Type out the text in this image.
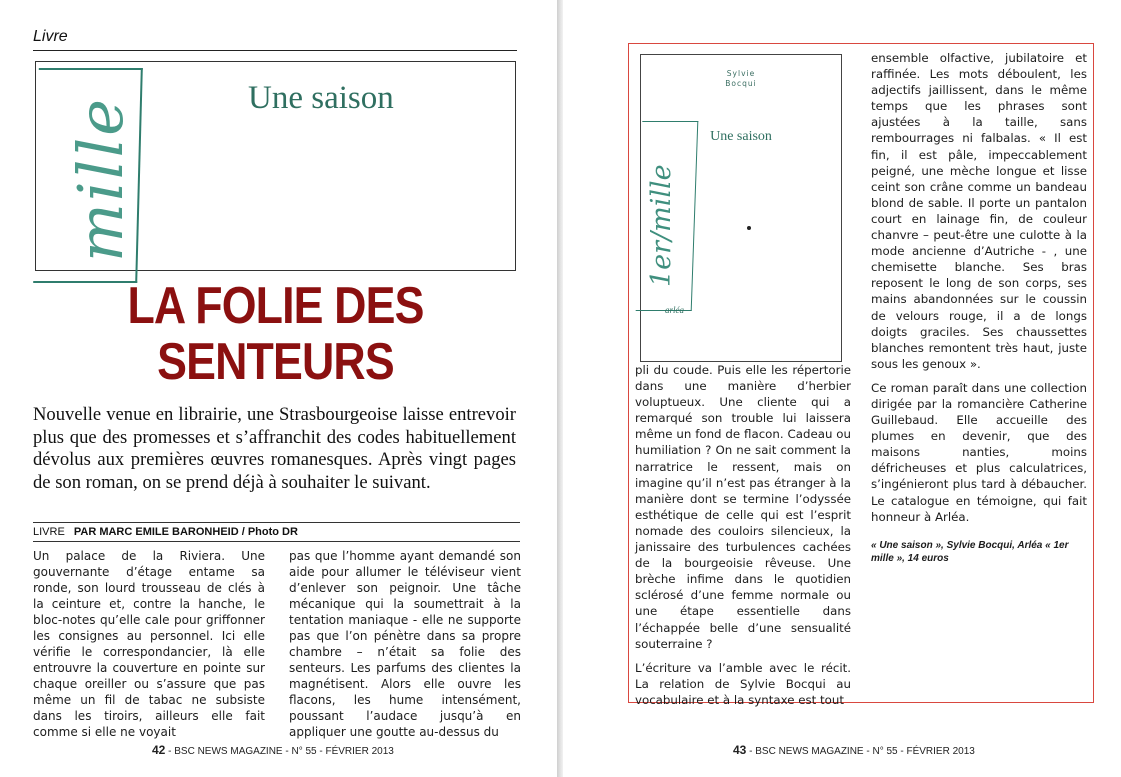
Livre
mille	Une saison
LA FOLIE DES
SENTEURS
Nouvelle venue en librairie, une Strasbourgeoise laisse entrevoir plus que des promesses et s’affranchit des codes habituellement dévolus aux premières œuvres romanesques. Après vingt pages de son roman, on se prend déjà à souhaiter le suivant.
LIVRE PAR MARC EMILE BARONHEID / Photo DR
Un palace de la Riviera. Une gouvernante d’étage entame sa ronde, son lourd trousseau de clés à la ceinture et, contre la hanche, le bloc-notes qu’elle cale pour griffonner les consignes au personnel. Ici elle vérifie le correspondancier, là elle entrouvre la couverture en pointe sur chaque oreiller ou s’assure que pas même un fil de tabac ne subsiste dans les tiroirs, ailleurs elle fait comme si elle ne voyait
pas que l’homme ayant demandé son aide pour allumer le téléviseur vient d’enlever son peignoir. Une tâche mécanique qui la soumettrait à la tentation maniaque - elle ne supporte pas que l’on pénètre dans sa propre chambre – n’était sa folie des senteurs. Les parfums des clientes la magnétisent. Alors elle ouvre les flacons, les hume intensément, poussant l’audace jusqu’à en appliquer une goutte au-dessus du
42 - BSC NEWS MAGAZINE - N° 55 - FÉVRIER 2013
Sylvie
Bocqui
Une saison
1er/mille
arléa

pli du coude. Puis elle les répertorie dans une manière d’herbier voluptueux. Une cliente qui a remarqué son trouble lui laissera même un fond de flacon. Cadeau ou humiliation ? On ne sait comment la narratrice le ressent, mais on imagine qu’il n’est pas étranger à la manière dont se termine l’odyssée esthétique de celle qui est l’esprit nomade des couloirs silencieux, la janissaire des turbulences cachées de la bourgeoisie rêveuse. Une brèche infime dans le quotidien sclérosé d’une femme normale ou une étape essentielle dans l’échappée belle d’une sensualité souterraine ?

L’écriture va l’amble avec le récit. La relation de Sylvie Bocqui au vocabulaire et à la syntaxe est tout

ensemble olfactive, jubilatoire et raffinée. Les mots déboulent, les adjectifs jaillissent, dans le même temps que les phrases sont ajustées à la taille, sans rembourrages ni falbalas. « Il est fin, il est pâle, impeccablement peigné, une mèche longue et lisse ceint son crâne comme un bandeau blond de sable. Il porte un pantalon court en lainage fin, de couleur chanvre – peut-être une culotte à la mode ancienne d’Autriche - , une chemisette blanche. Ses bras reposent le long de son corps, ses mains abandonnées sur le coussin de velours rouge, il a de longs doigts graciles. Ses chaussettes blanches remontent très haut, juste sous les genoux ».

Ce roman paraît dans une collection dirigée par la romancière Catherine Guillebaud. Elle accueille des plumes en devenir, que des maisons nanties, moins défricheuses et plus calculatrices, s’ingénieront plus tard à débaucher. Le catalogue en témoigne, qui fait honneur à Arléa.

« Une saison », Sylvie Bocqui, Arléa « 1er mille », 14 euros

43 - BSC NEWS MAGAZINE - N° 55 - FÉVRIER 2013
